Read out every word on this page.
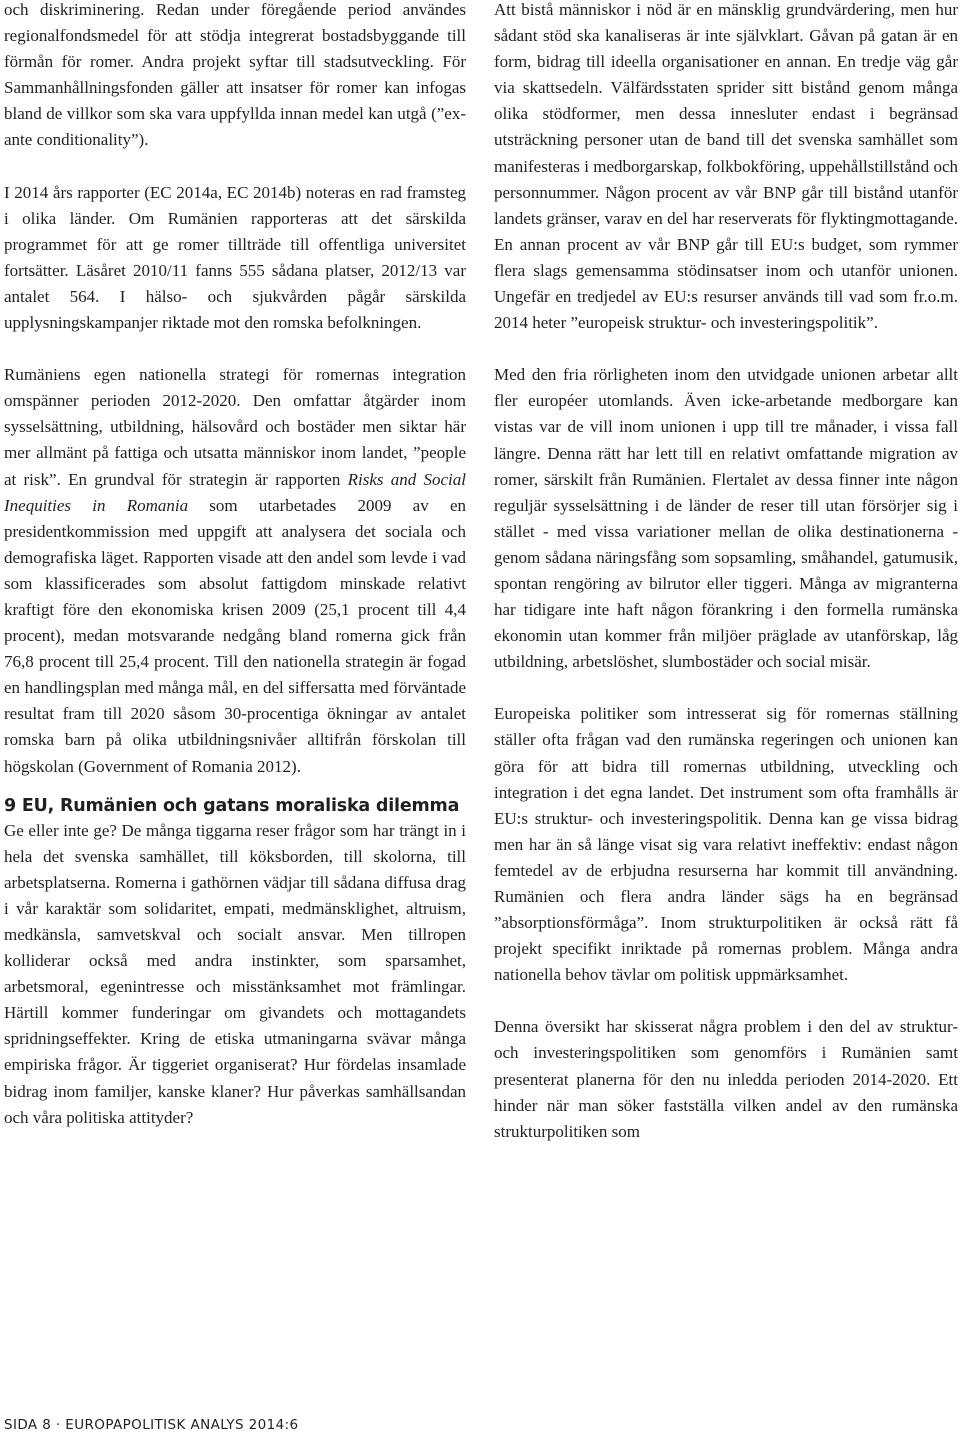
och diskriminering. Redan under föregående period användes regionalfondsmedel för att stödja integrerat bostadsbyggande till förmån för romer. Andra projekt syftar till stadsutveckling. För Sammanhållningsfonden gäller att insatser för romer kan infogas bland de villkor som ska vara uppfyllda innan medel kan utgå (”ex-ante conditionality”).

I 2014 års rapporter (EC 2014a, EC 2014b) noteras en rad framsteg i olika länder. Om Rumänien rapporteras att det särskilda programmet för att ge romer tillträde till offentliga universitet fortsätter. Läsåret 2010/11 fanns 555 sådana platser, 2012/13 var antalet 564. I hälso- och sjukvården pågår särskilda upplysningskampanjer riktade mot den romska befolkningen.

Rumäniens egen nationella strategi för romernas integration omspänner perioden 2012-2020. Den omfattar åtgärder inom sysselsättning, utbildning, hälsovård och bostäder men siktar här mer allmänt på fattiga och utsatta människor inom landet, ”people at risk”. En grundval för strategin är rapporten Risks and Social Inequities in Romania som utarbetades 2009 av en presidentkommission med uppgift att analysera det sociala och demografiska läget. Rapporten visade att den andel som levde i vad som klassificerades som absolut fattigdom minskade relativt kraftigt före den ekonomiska krisen 2009 (25,1 procent till 4,4 procent), medan motsvarande nedgång bland romerna gick från 76,8 procent till 25,4 procent. Till den nationella strategin är fogad en handlingsplan med många mål, en del siffersatta med förväntade resultat fram till 2020 såsom 30-procentiga ökningar av antalet romska barn på olika utbildningsnivåer alltifrån förskolan till högskolan (Government of Romania 2012).

9 EU, Rumänien och gatans moraliska dilemma

Ge eller inte ge? De många tiggarna reser frågor som har trängt in i hela det svenska samhället, till köksborden, till skolorna, till arbetsplatserna. Romerna i gathörnen vädjar till sådana diffusa drag i vår karaktär som solidaritet, empati, medmänsklighet, altruism, medkänsla, samvetskval och socialt ansvar. Men tillropen kolliderar också med andra instinkter, som sparsamhet, arbetsmoral, egenintresse och misstänksamhet mot främlingar. Härtill kommer funderingar om givandets och mottagandets spridningseffekter. Kring de etiska utmaningarna svävar många empiriska frågor. Är tiggeriet organiserat? Hur fördelas insamlade bidrag inom familjer, kanske klaner? Hur påverkas samhällsandan och våra politiska attityder?

Att bistå människor i nöd är en mänsklig grundvärdering, men hur sådant stöd ska kanaliseras är inte självklart. Gåvan på gatan är en form, bidrag till ideella organisationer en annan. En tredje väg går via skattsedeln. Välfärdsstaten sprider sitt bistånd genom många olika stödformer, men dessa innesluter endast i begränsad utsträckning personer utan de band till det svenska samhället som manifesteras i medborgarskap, folkbokföring, uppehållstillstånd och personnummer. Någon procent av vår BNP går till bistånd utanför landets gränser, varav en del har reserverats för flyktingmottagande. En annan procent av vår BNP går till EU:s budget, som rymmer flera slags gemensamma stödinsatser inom och utanför unionen. Ungefär en tredjedel av EU:s resurser används till vad som fr.o.m. 2014 heter ”europeisk struktur- och investeringspolitik”.

Med den fria rörligheten inom den utvidgade unionen arbetar allt fler européer utomlands. Även icke-arbetande medborgare kan vistas var de vill inom unionen i upp till tre månader, i vissa fall längre. Denna rätt har lett till en relativt omfattande migration av romer, särskilt från Rumänien. Flertalet av dessa finner inte någon reguljär sysselsättning i de länder de reser till utan försörjer sig i stället - med vissa variationer mellan de olika destinationerna - genom sådana näringsfång som sopsamling, småhandel, gatumusik, spontan rengöring av bilrutor eller tiggeri. Många av migranterna har tidigare inte haft någon förankring i den formella rumänska ekonomin utan kommer från miljöer präglade av utanförskap, låg utbildning, arbetslöshet, slumbostäder och social misär.

Europeiska politiker som intresserat sig för romernas ställning ställer ofta frågan vad den rumänska regeringen och unionen kan göra för att bidra till romernas utbildning, utveckling och integration i det egna landet. Det instrument som ofta framhålls är EU:s struktur- och investeringspolitik. Denna kan ge vissa bidrag men har än så länge visat sig vara relativt ineffektiv: endast någon femtedel av de erbjudna resurserna har kommit till användning. Rumänien och flera andra länder sägs ha en begränsad ”absorptionsförmåga”. Inom strukturpolitiken är också rätt få projekt specifikt inriktade på romernas problem. Många andra nationella behov tävlar om politisk uppmärksamhet.

Denna översikt har skisserat några problem i den del av struktur- och investeringspolitiken som genomförs i Rumänien samt presenterat planerna för den nu inledda perioden 2014-2020. Ett hinder när man söker fastställa vilken andel av den rumänska strukturpolitiken som

SIDA 8 · EUROPAPOLITISK ANALYS 2014:6
